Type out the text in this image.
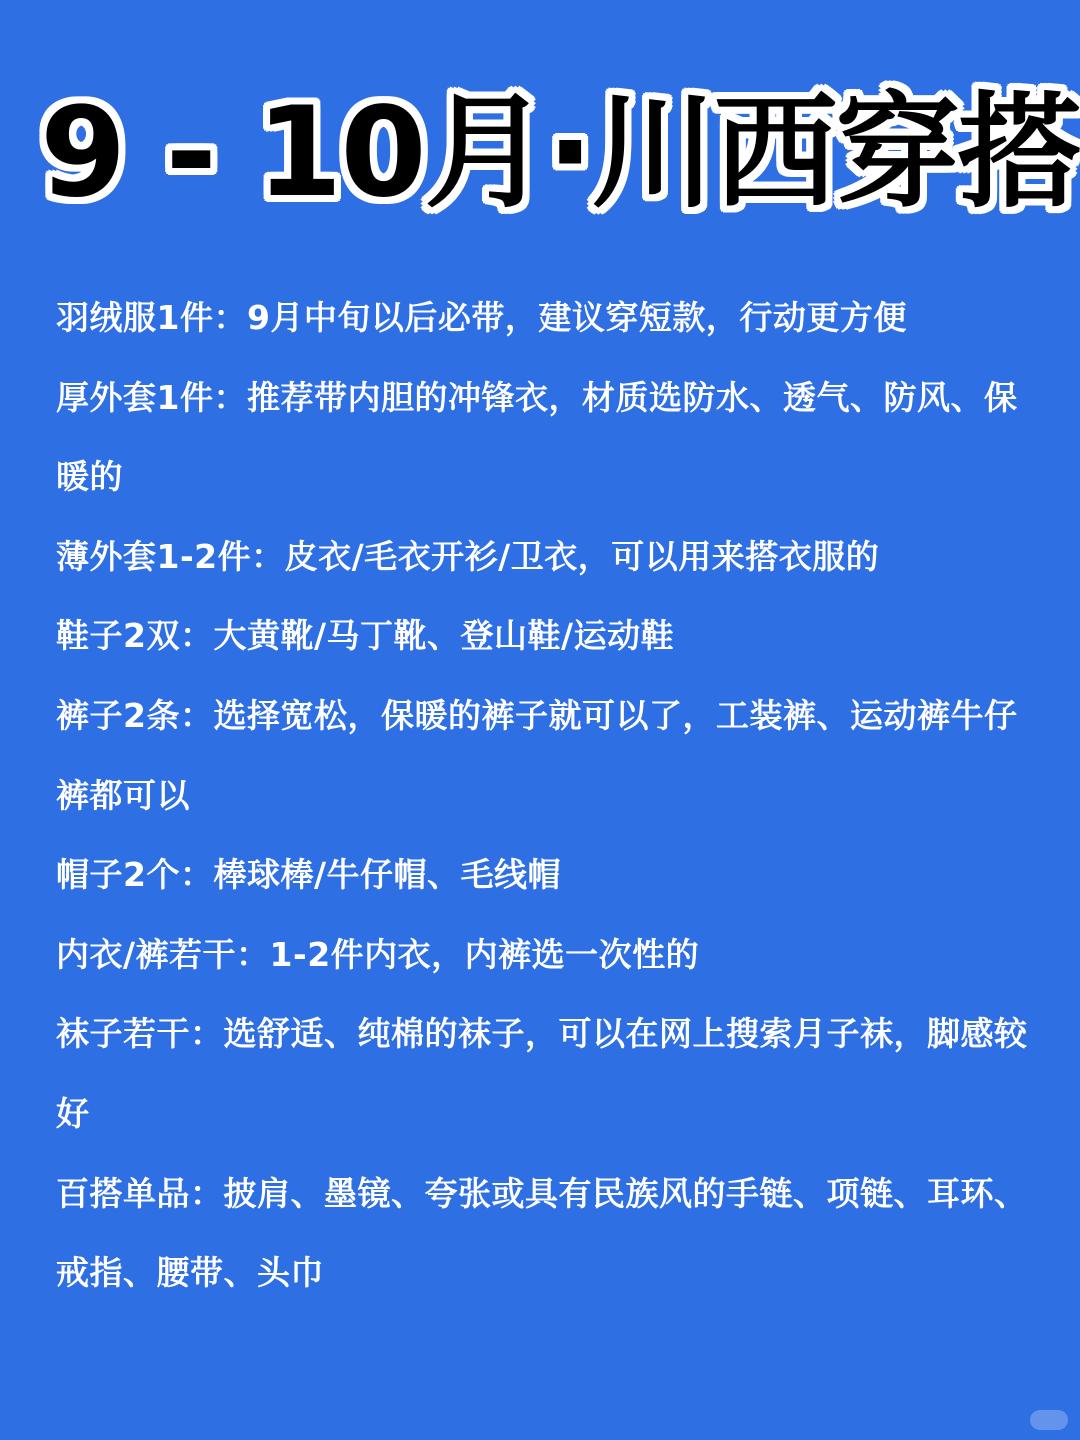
9 - 10月·川西穿搭
羽绒服1件：9月中旬以后必带，建议穿短款，行动更方便
厚外套1件：推荐带内胆的冲锋衣，材质选防水、透气、防风、保暖的
薄外套1-2件：皮衣/毛衣开衫/卫衣，可以用来搭衣服的
鞋子2双：大黄靴/马丁靴、登山鞋/运动鞋
裤子2条：选择宽松，保暖的裤子就可以了，工装裤、运动裤牛仔裤都可以
帽子2个：棒球棒/牛仔帽、毛线帽
内衣/裤若干：1-2件内衣，内裤选一次性的
袜子若干：选舒适、纯棉的袜子，可以在网上搜索月子袜，脚感较好
百搭单品：披肩、墨镜、夸张或具有民族风的手链、项链、耳环、戒指、腰带、头巾
